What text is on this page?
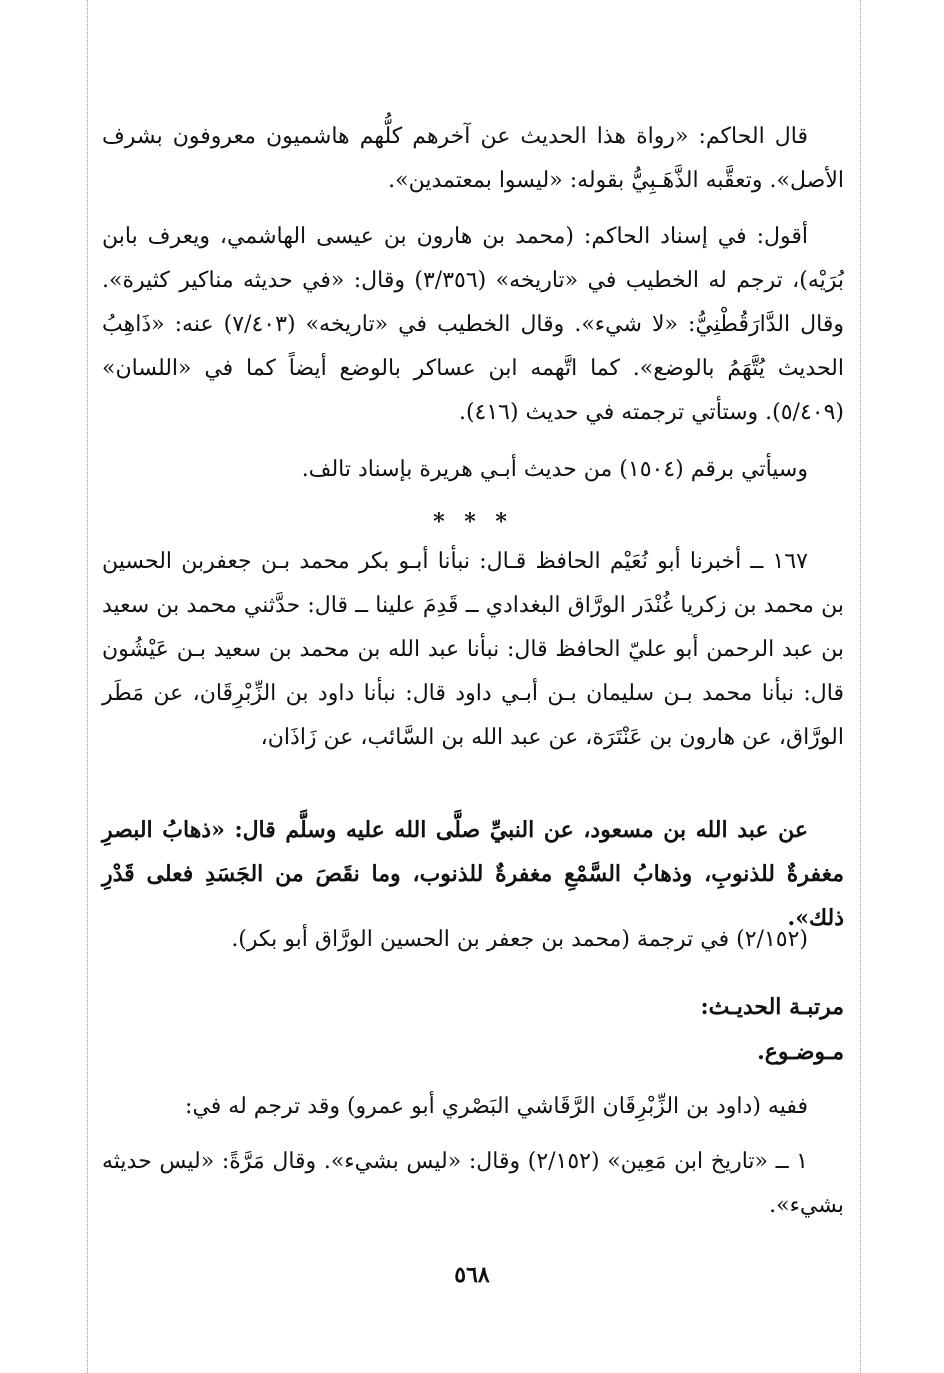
قال الحاكم: «رواة هذا الحديث عن آخرهم كلُّهم هاشميون معروفون بشرف الأصل». وتعقَّبه الذَّهَـبِيُّ بقوله: «ليسوا بمعتمدين».

أقول: في إسناد الحاكم: (محمد بن هارون بن عيسى الهاشمي، ويعرف بابن بُرَيْه)، ترجم له الخطيب في «تاريخه» (٣/٣٥٦) وقال: «في حديثه مناكير كثيرة». وقال الدَّارَقُطْنِيُّ: «لا شيء». وقال الخطيب في «تاريخه» (٧/٤٠٣) عنه: «ذَاهِبُ الحديث يُتَّهَمُ بالوضع». كما اتَّهمه ابن عساكر بالوضع أيضاً كما في «اللسان» (٥/٤٠٩). وستأتي ترجمته في حديث (٤١٦).

وسيأتي برقم (١٥٠٤) من حديث أبـي هريرة بإسناد تالف.

* * *

١٦٧ ــ أخبرنا أبو نُعَيْم الحافظ قـال: نبأنا أبـو بكر محمد بـن جعفربن الحسين بن محمد بن زكريا غُنْدَر الورَّاق البغدادي ــ قَدِمَ علينا ــ قال: حدَّثني محمد بن سعيد بن عبد الرحمن أبو عليّ الحافظ قال: نبأنا عبد الله بن محمد بن سعيد بـن عَيْشُون قال: نبأنا محمد بـن سليمان بـن أبـي داود قال: نبأنا داود بن الزِّبْرِقَان، عن مَطَر الورَّاق، عن هارون بن عَنْتَرَة، عن عبد الله بن السَّائب، عن زَاذَان،

عن عبد الله بن مسعود، عن النبيِّ صلَّى الله عليه وسلَّم قال: «ذهابُ البصرِ مغفرةٌ للذنوبِ، وذهابُ السَّمْعِ مغفرةٌ للذنوب، وما نقَصَ من الجَسَدِ فعلى قَدْرِ ذلك».

(٢/١٥٢) في ترجمة (محمد بن جعفر بن الحسين الورَّاق أبو بكر).

مرتبـة الحديـث:

مـوضـوع.

ففيه (داود بن الزِّبْرِقَان الرَّقَاشي البَصْري أبو عمرو) وقد ترجم له في:

١ ــ «تاريخ ابن مَعِين» (٢/١٥٢) وقال: «ليس بشيء». وقال مَرَّةً: «ليس حديثه بشيء».

٥٦٨
